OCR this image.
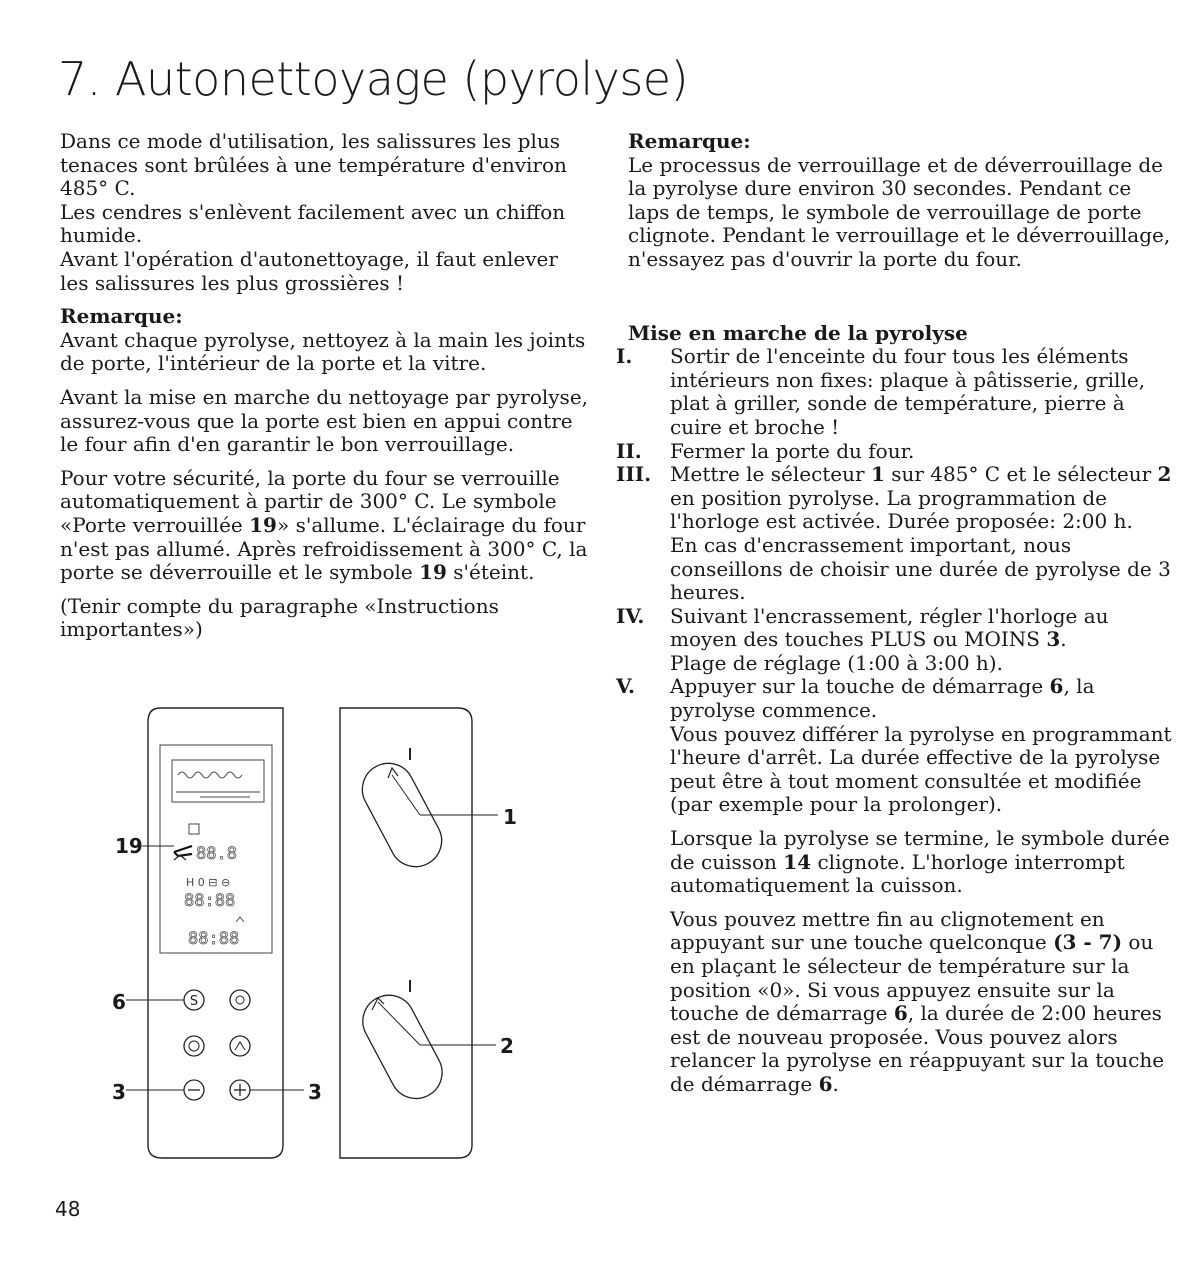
7. Autonettoyage (pyrolyse)

Dans ce mode d'utilisation, les salissures les plus tenaces sont brûlées à une température d'environ 485° C.

Les cendres s'enlèvent facilement avec un chiffon humide.

Avant l'opération d'autonettoyage, il faut enlever les salissures les plus grossières !

Remarque:

Avant chaque pyrolyse, nettoyez à la main les joints de porte, l'intérieur de la porte et la vitre.

Avant la mise en marche du nettoyage par pyrolyse, assurez-vous que la porte est bien en appui contre le four afin d'en garantir le bon verrouillage.

Pour votre sécurité, la porte du four se verrouille automatiquement à partir de 300° C. Le symbole «Porte verrouillée 19» s'allume. L'éclairage du four n'est pas allumé. Après refroidissement à 300° C, la porte se déverrouille et le symbole 19 s'éteint.

(Tenir compte du paragraphe «Instructions importantes»)

88.8
H 0 ⊟ ⊖
88:88
88:88
S
19
6
3	3
1
2
Remarque:

Le processus de verrouillage et de déverrouillage de la pyrolyse dure environ 30 secondes. Pendant ce laps de temps, le symbole de verrouillage de porte clignote. Pendant le verrouillage et le déverrouillage, n'essayez pas d'ouvrir la porte du four.

Mise en marche de la pyrolyse
I.	Sortir de l'enceinte du four tous les éléments intérieurs non fixes: plaque à pâtisserie, grille, plat à griller, sonde de température, pierre à cuire et broche !

II.	Fermer la porte du four.

III. Mettre le sélecteur 1 sur 485° C et le sélecteur 2 en position pyrolyse. La programmation de l'horloge est activée. Durée proposée: 2:00 h.

En cas d'encrassement important, nous conseillons de choisir une durée de pyrolyse de 3 heures.

IV.	Suivant l'encrassement, régler l'horloge au moyen des touches PLUS ou MOINS 3.

Plage de réglage (1:00 à 3:00 h).

V.	Appuyer sur la touche de démarrage 6, la pyrolyse commence.

Vous pouvez différer la pyrolyse en programmant l'heure d'arrêt. La durée effective de la pyrolyse peut être à tout moment consultée et modifiée (par exemple pour la prolonger).

Lorsque la pyrolyse se termine, le symbole durée de cuisson 14 clignote. L'horloge interrompt automatiquement la cuisson.

Vous pouvez mettre fin au clignotement en appuyant sur une touche quelconque (3 - 7) ou en plaçant le sélecteur de température sur la position «0». Si vous appuyez ensuite sur la touche de démarrage 6, la durée de 2:00 heures est de nouveau proposée. Vous pouvez alors relancer la pyrolyse en réappuyant sur la touche de démarrage 6.

48
